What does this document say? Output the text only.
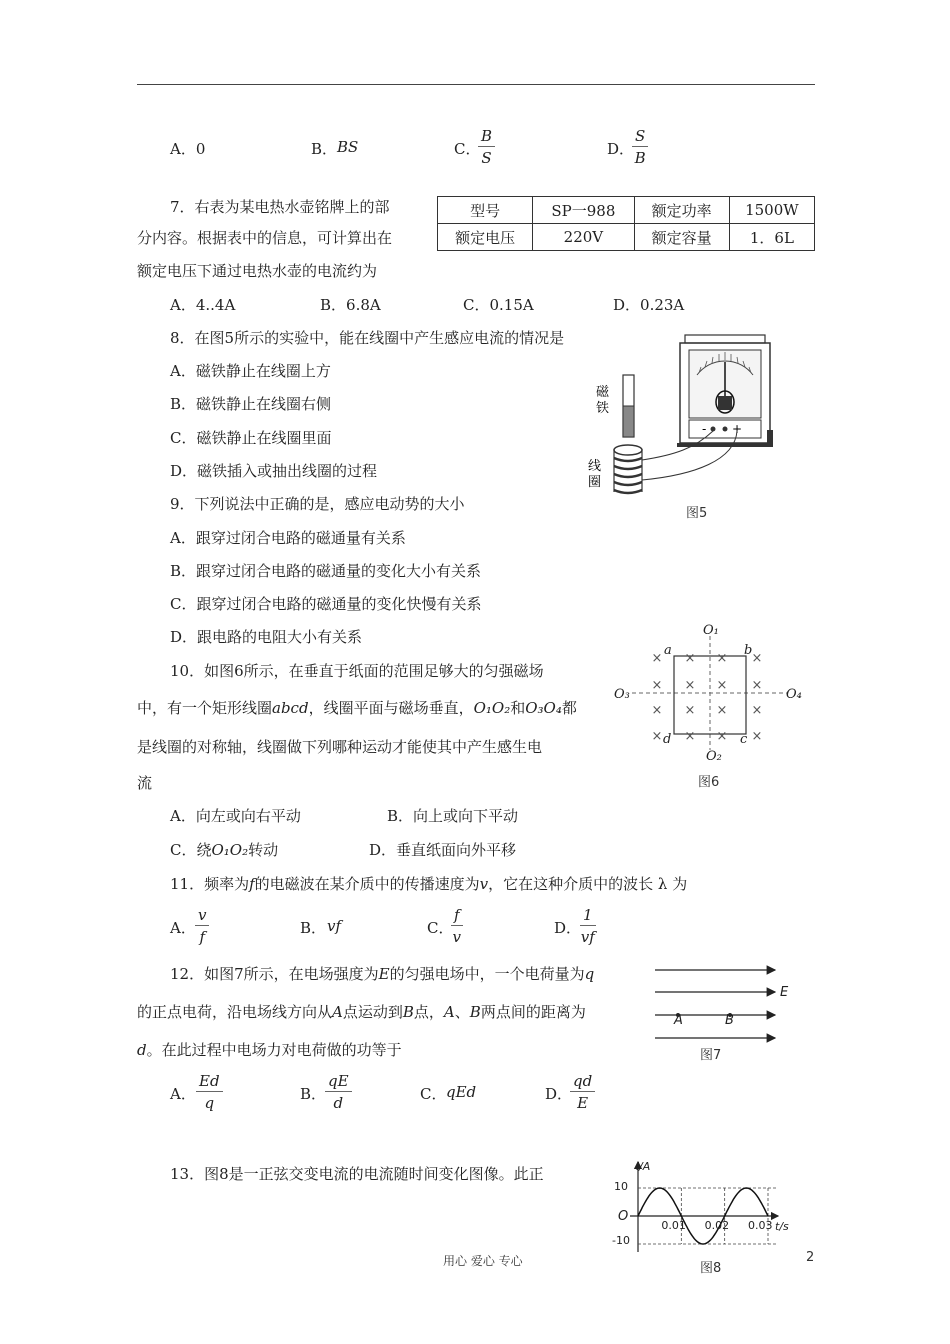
A．0	B． BS	C．
$\frac{B}{S}$	D．
$\frac{S}{B}$
7．右表为某电热水壶铭牌上的部
分内容。根据表中的信息，可计算出在
额定电压下通过电热水壶的电流约为
型号	SP一988	额定功率	1500W
额定电压	220V	额定容量	1．6L
A．4..4A	B．6.8A	C．0.15A	D．0.23A
8．在图5所示的实验中，能在线圈中产生感应电流的情况是
A．磁铁静止在线圈上方
B．磁铁静止在线圈右侧
C．磁铁静止在线圈里面
D．磁铁插入或抽出线圈的过程
- +
磁
铁
线
圈
图5
9．下列说法中正确的是，感应电动势的大小
A．跟穿过闭合电路的磁通量有关系
B．跟穿过闭合电路的磁通量的变化大小有关系
C．跟穿过闭合电路的磁通量的变化快慢有关系
D．跟电路的电阻大小有关系
10．如图6所示，在垂直于纸面的范围足够大的匀强磁场
中，有一个矩形线圈abcd，线圈平面与磁场垂直，O₁O₂和O₃O₄都
是线圈的对称轴，线圈做下列哪种运动才能使其中产生感生电
流
A．向左或向右平动	B．向上或向下平动
C．绕O₁O₂转动	D．垂直纸面向外平移
× × × ×
× × × ×
× × × ×
× × × ×
O₁
O₂
O₃	O₄
a	b
c
d
图6
11．频率为f的电磁波在某介质中的传播速度为v，它在这种介质中的波长 λ 为
A． $\frac{v}{f}$	B． vf	C．
$\frac{f}{v}$	D．
$\frac{1}{vf}$
12．如图7所示，在电场强度为E的匀强电场中，一个电荷量为q
的正点电荷，沿电场线方向从A点运动到B点，A、B两点间的距离为
d。在此过程中电场力对电荷做的功等于
A． $\frac{Ed}{q}$	B．
$\frac{qE}{d}$	C． qEd	D．
$\frac{qd}{E}$
E
A	B
图7
13．图8是一正弦交变电流的电流随时间变化图像。此正	i/A
t/s
O
10
-10
0.01 0.02 0.03
图8
用心 爱心 专心	2
